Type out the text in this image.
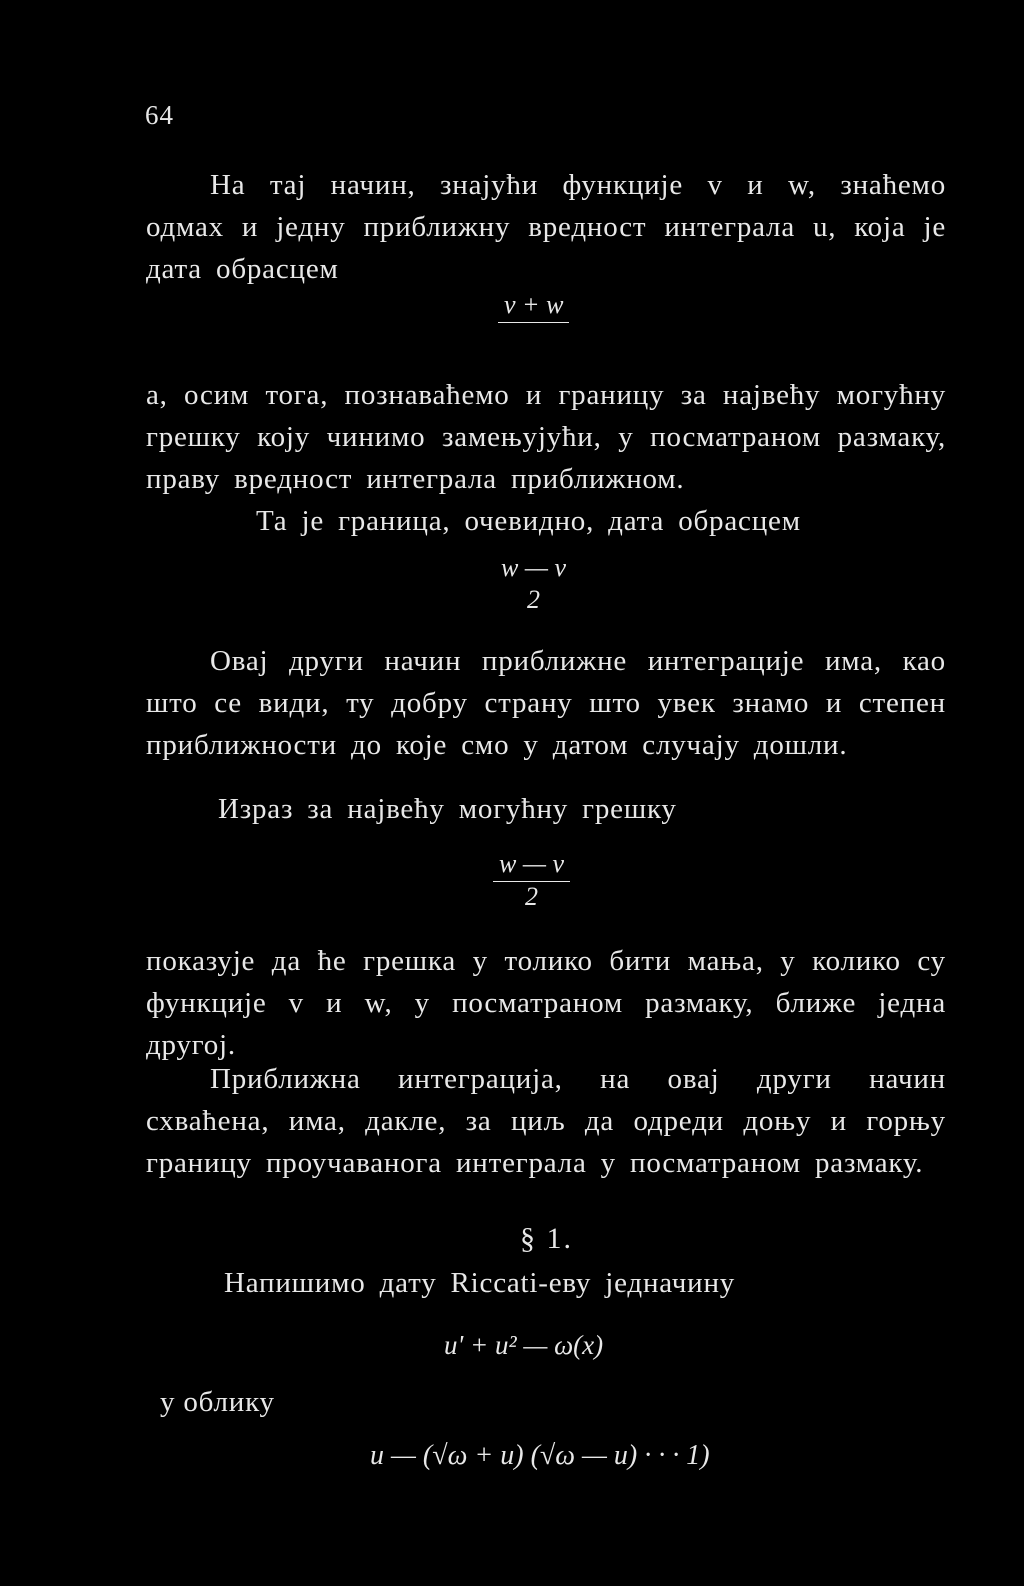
64

На тај начин, знајући функције v и w, знаћемо одмах и једну приближну вредност интеграла u, која је дата обрасцем

v + w

а, осим тога, познаваћемо и границу за највећу могућну грешку коју чинимо замењујући, у посматраном размаку, праву вредност интеграла приближном.

Та је граница, очевидно, дата обрасцем

w — v
2

Овај други начин приближне интеграције има, као што се види, ту добру страну што увек знамо и степен приближности до које смо у датом случају дошли.

Израз за највећу могућну грешку

$\frac{w — v}{2}$

показује да ће грешка у толико бити мања, у колико су функције v и w, у посматраном размаку, ближе једна другој.

Приближна интеграција, на овај други начин схваћена, има, дакле, за циљ да одреди доњу и горњу границу проучаванога интеграла у посматраном размаку.

§ 1.

Напишимо дату Riccati-еву једначину

u' + u² — ω(x)
у облику
u — (√ω + u) (√ω — u) · · · 1)
